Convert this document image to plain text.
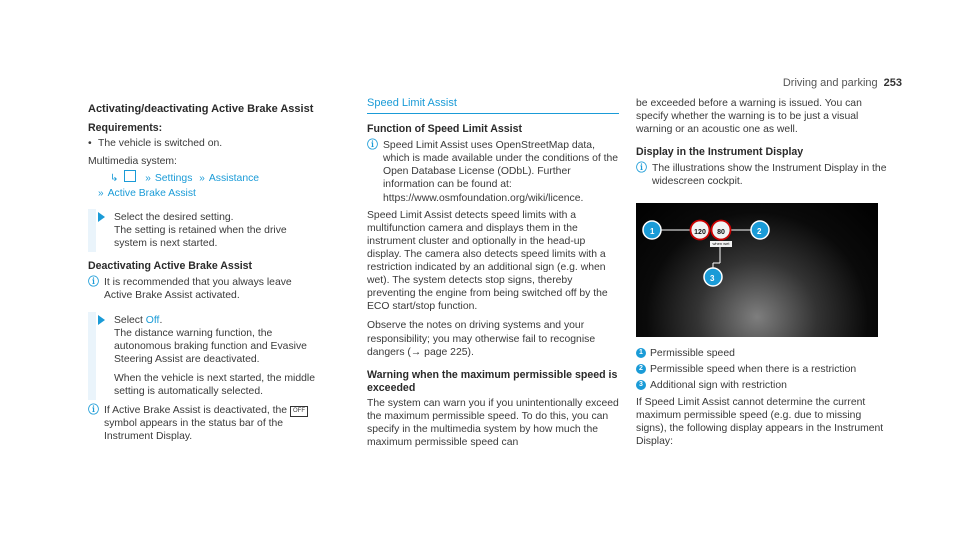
Driving and parking 253
Activating/deactivating Active Brake Assist
Requirements:

• The vehicle is switched on.

Multimedia system:

↳	» Settings » Assistance
» Active Brake Assist
Select the desired setting.
The setting is retained when the drive system is next started.
Deactivating Active Brake Assist
ⓘ It is recommended that you always leave Active Brake Assist activated.
Select Off.
The distance warning function, the autonomous braking function and Evasive Steering Assist are deactivated.
When the vehicle is next started, the middle setting is automatically selected.
ⓘ If Active Brake Assist is deactivated, the OFF symbol appears in the status bar of the Instrument Display.
Speed Limit Assist
Function of Speed Limit Assist
ⓘ Speed Limit Assist uses OpenStreetMap data, which is made available under the conditions of the Open Database License (ODbL). Further information can be found at: https://www.osmfoundation.org/wiki/licence.

Speed Limit Assist detects speed limits with a multifunction camera and displays them in the instrument cluster and optionally in the head-up display. The camera also detects speed limits with a restriction indicated by an additional sign (e.g. when wet). The system detects stop signs, thereby preventing the engine from being switched off by the ECO start/stop function.

Observe the notes on driving systems and your responsibility; you may otherwise fail to recognise dangers (→ page 225).

Warning when the maximum permissible speed is exceeded

The system can warn you if you unintentionally exceed the maximum permissible speed. To do this, you can specify in the multimedia system by how much the maximum permissible speed can

be exceeded before a warning is issued. You can specify whether the warning is to be just a visual warning or an acoustic one as well.

Display in the Instrument Display
ⓘ The illustrations show the Instrument Display in the widescreen cockpit.
1	2
3
120	80
when wet
1 Permissible speed
2 Permissible speed when there is a restriction
3 Additional sign with restriction

If Speed Limit Assist cannot determine the current maximum permissible speed (e.g. due to missing signs), the following display appears in the Instrument Display:
